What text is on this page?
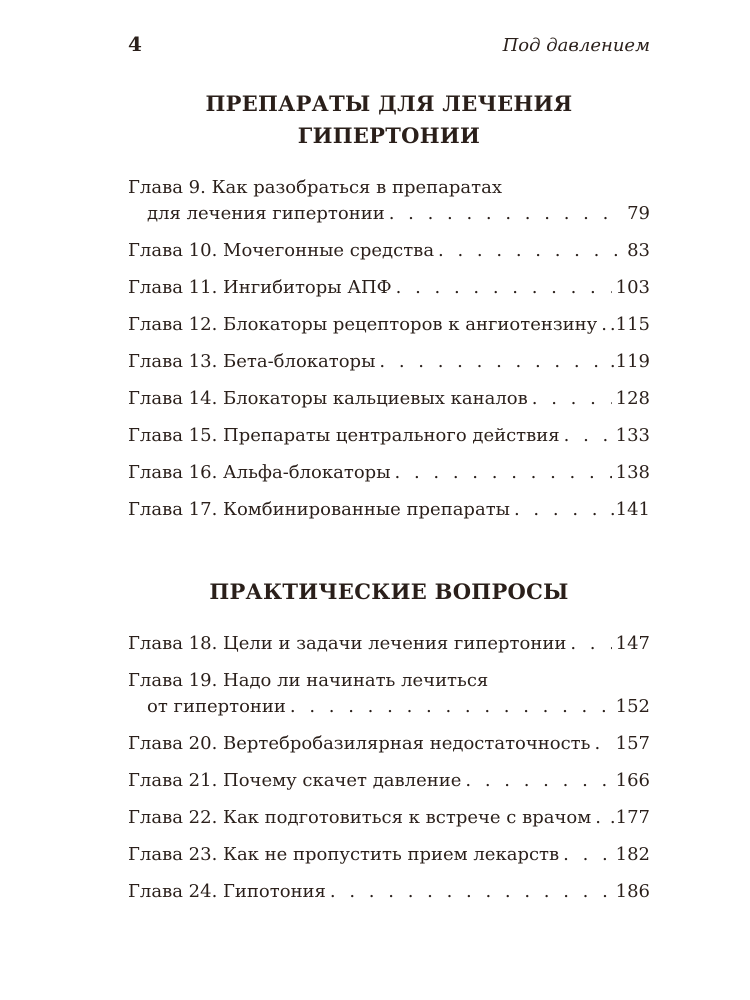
4	Под давлением
ПРЕПАРАТЫ ДЛЯ ЛЕЧЕНИЯ
ГИПЕРТОНИИ
Глава 9. Как разобраться в препаратах
для лечения гипертонии . . .	79
Глава 10. Мочегонные средства . . .	83
Глава 11. Ингибиторы АПФ . . .	103
Глава 12. Блокаторы рецепторов к ангиотензину . . . .115
Глава 13. Бета-блокаторы . . .	.119
Глава 14. Блокаторы кальциевых каналов . . .	128
Глава 15. Препараты центрального действия . . .	133
Глава 16. Альфа-блокаторы . . .	138
Глава 17. Комбинированные препараты . . .	.141
ПРАКТИЧЕСКИЕ ВОПРОСЫ
Глава 18. Цели и задачи лечения гипертонии . . .	147
Глава 19. Надо ли начинать лечиться
от гипертонии . . .	152
Глава 20. Вертебробазилярная недостаточность . . . 157
Глава 21. Почему скачет давление . . .	166
Глава 22. Как подготовиться к встрече с врачом . . . .177
Глава 23. Как не пропустить прием лекарств . . .	182
Глава 24. Гипотония . . .	186
